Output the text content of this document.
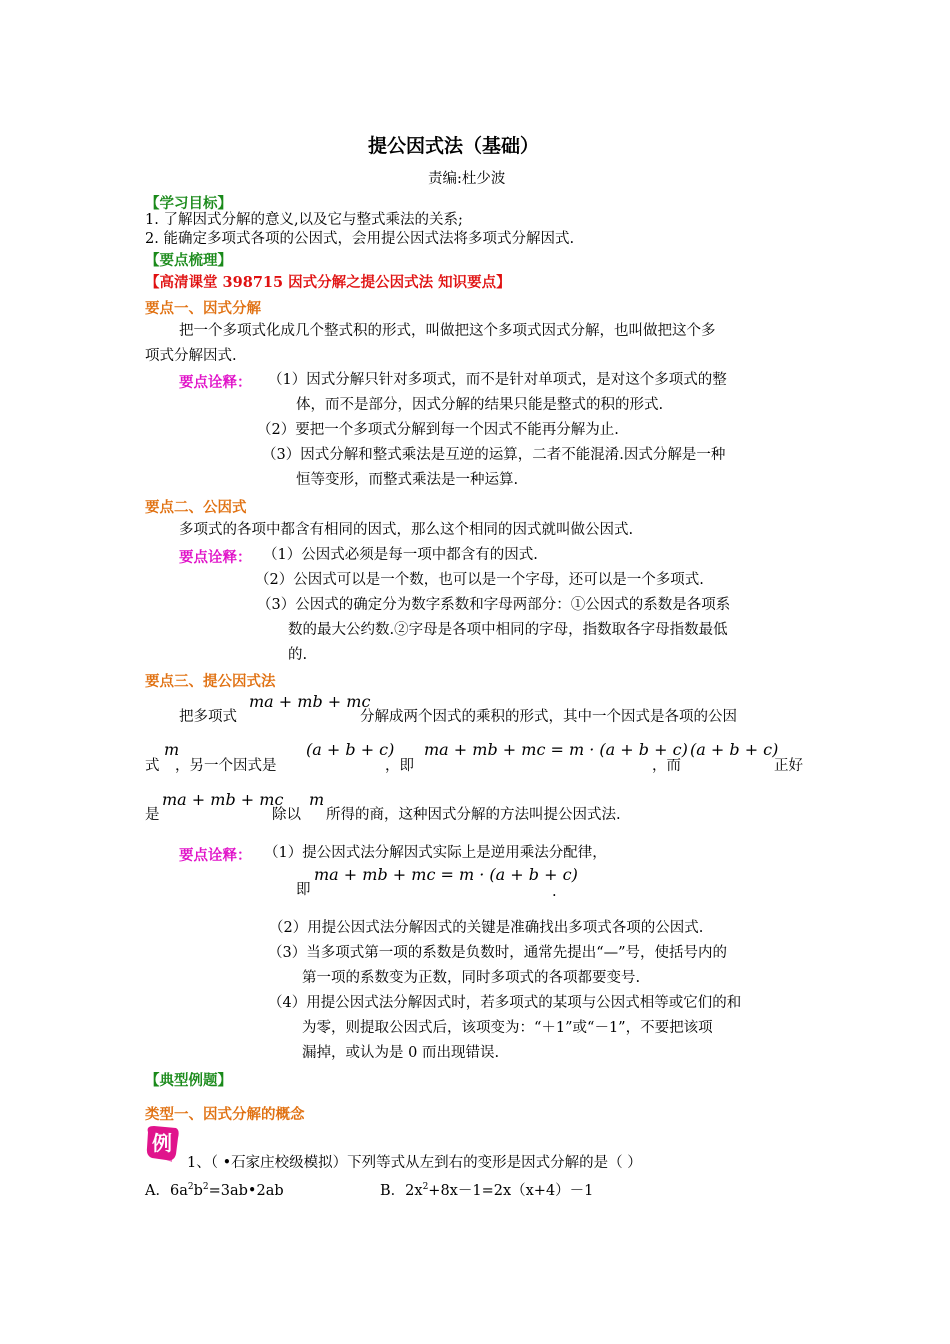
提公因式法（基础）
责编:杜少波
【学习目标】
1. 了解因式分解的意义,以及它与整式乘法的关系;
2. 能确定多项式各项的公因式，会用提公因式法将多项式分解因式.
【要点梳理】
【高清课堂 398715 因式分解之提公因式法 知识要点】
要点一、因式分解
把一个多项式化成几个整式积的形式，叫做把这个多项式因式分解，也叫做把这个多
项式分解因式.
要点诠释： （1）因式分解只针对多项式，而不是针对单项式，是对这个多项式的整
体，而不是部分，因式分解的结果只能是整式的积的形式.
（2）要把一个多项式分解到每一个因式不能再分解为止.
（3）因式分解和整式乘法是互逆的运算，二者不能混淆.因式分解是一种
恒等变形，而整式乘法是一种运算.
要点二、公因式
多项式的各项中都含有相同的因式，那么这个相同的因式就叫做公因式.
要点诠释： （1）公因式必须是每一项中都含有的因式.
（2）公因式可以是一个数，也可以是一个字母，还可以是一个多项式.
（3）公因式的确定分为数字系数和字母两部分：①公因式的系数是各项系
数的最大公约数.②字母是各项中相同的字母，指数取各字母指数最低
的.
要点三、提公因式法
把多项式
ma + mb + mc
分解成两个因式的乘积的形式，其中一个因式是各项的公因
式
m
，另一个因式是
(a + b + c)
，即
ma + mb + mc = m · (a + b + c)
，而
(a + b + c)
正好
是
ma + mb + mc
除以
m
所得的商，这种因式分解的方法叫提公因式法.
要点诠释： （1）提公因式法分解因式实际上是逆用乘法分配律，
即
ma + mb + mc = m · (a + b + c)
.
（2）用提公因式法分解因式的关键是准确找出多项式各项的公因式.
（3）当多项式第一项的系数是负数时，通常先提出“—”号，使括号内的
第一项的系数变为正数，同时多项式的各项都要变号.
（4）用提公因式法分解因式时，若多项式的某项与公因式相等或它们的和
为零，则提取公因式后，该项变为：“＋1”或“－1”，不要把该项
漏掉，或认为是 0 而出现错误.
【典型例题】
类型一、因式分解的概念
例
1、（ •石家庄校级模拟）下列等式从左到右的变形是因式分解的是（ ）
A．$6a^2b^2=3ab•2ab$	B．$2x^2+8x-1=2x(x+4)-1$
